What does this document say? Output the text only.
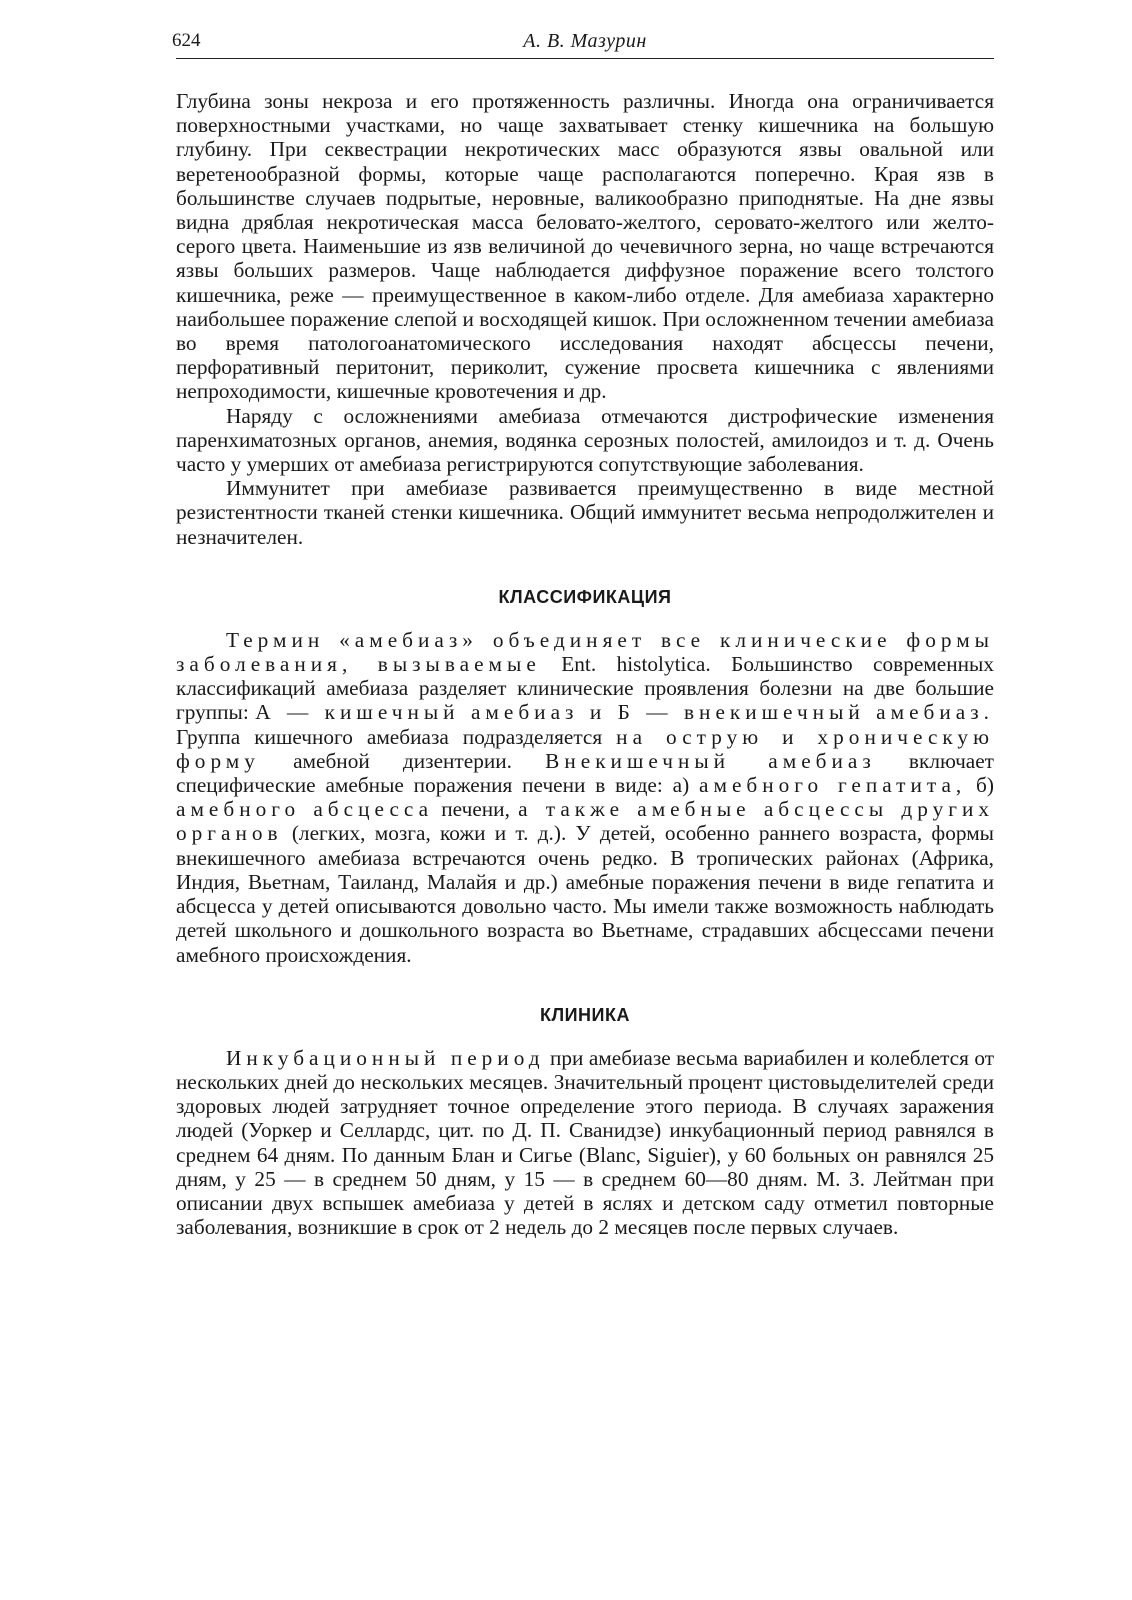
624	А. В. Мазурин

Глубина зоны некроза и его протяженность различны. Иногда она ограничивается поверхностными участками, но чаще захватывает стенку кишечника на большую глубину. При секвестрации некротических масс образуются язвы овальной или веретенообразной формы, которые чаще располагаются поперечно. Края язв в большинстве случаев подрытые, неровные, валикообразно приподнятые. На дне язвы видна дряблая некротическая масса беловато-желтого, серовато-желтого или желто-серого цвета. Наименьшие из язв величиной до чечевичного зерна, но чаще встречаются язвы больших размеров. Чаще наблюдается диффузное поражение всего толстого кишечника, реже — преимущественное в каком-либо отделе. Для амебиаза характерно наибольшее поражение слепой и восходящей кишок. При осложненном течении амебиаза во время патологоанатомического исследования находят абсцессы печени, перфоративный перитонит, периколит, сужение просвета кишечника с явлениями непроходимости, кишечные кровотечения и др.

Наряду с осложнениями амебиаза отмечаются дистрофические изменения паренхиматозных органов, анемия, водянка серозных полостей, амилоидоз и т. д. Очень часто у умерших от амебиаза регистрируются сопутствующие заболевания.

Иммунитет при амебиазе развивается преимущественно в виде местной резистентности тканей стенки кишечника. Общий иммунитет весьма непродолжителен и незначителен.

КЛАССИФИКАЦИЯ

Термин «амебиаз» объединяет все клинические формы заболевания, вызываемые Ent. histolytica. Большинство современных классификаций амебиаза разделяет клинические проявления болезни на две большие группы: А — кишечный амебиаз и Б — внекишечный амебиаз. Группа кишечного амебиаза подразделяется на острую и хроническую форму амебной дизентерии. Внекишечный амебиаз включает специфические амебные поражения печени в виде: а) амебного гепатита, б) амебного абсцесса печени, а также амебные абсцессы других органов (легких, мозга, кожи и т. д.). У детей, особенно раннего возраста, формы внекишечного амебиаза встречаются очень редко. В тропических районах (Африка, Индия, Вьетнам, Таиланд, Малайя и др.) амебные поражения печени в виде гепатита и абсцесса у детей описываются довольно часто. Мы имели также возможность наблюдать детей школьного и дошкольного возраста во Вьетнаме, страдавших абсцессами печени амебного происхождения.

КЛИНИКА

Инкубационный период при амебиазе весьма вариабилен и колеблется от нескольких дней до нескольких месяцев. Значительный процент цистовыделителей среди здоровых людей затрудняет точное определение этого периода. В случаях заражения людей (Уоркер и Селлардс, цит. по Д. П. Сванидзе) инкубационный период равнялся в среднем 64 дням. По данным Блан и Сигье (Blanc, Siguier), у 60 больных он равнялся 25 дням, у 25 — в среднем 50 дням, у 15 — в среднем 60—80 дням. М. З. Лейтман при описании двух вспышек амебиаза у детей в яслях и детском саду отметил повторные заболевания, возникшие в срок от 2 недель до 2 месяцев после первых случаев.
